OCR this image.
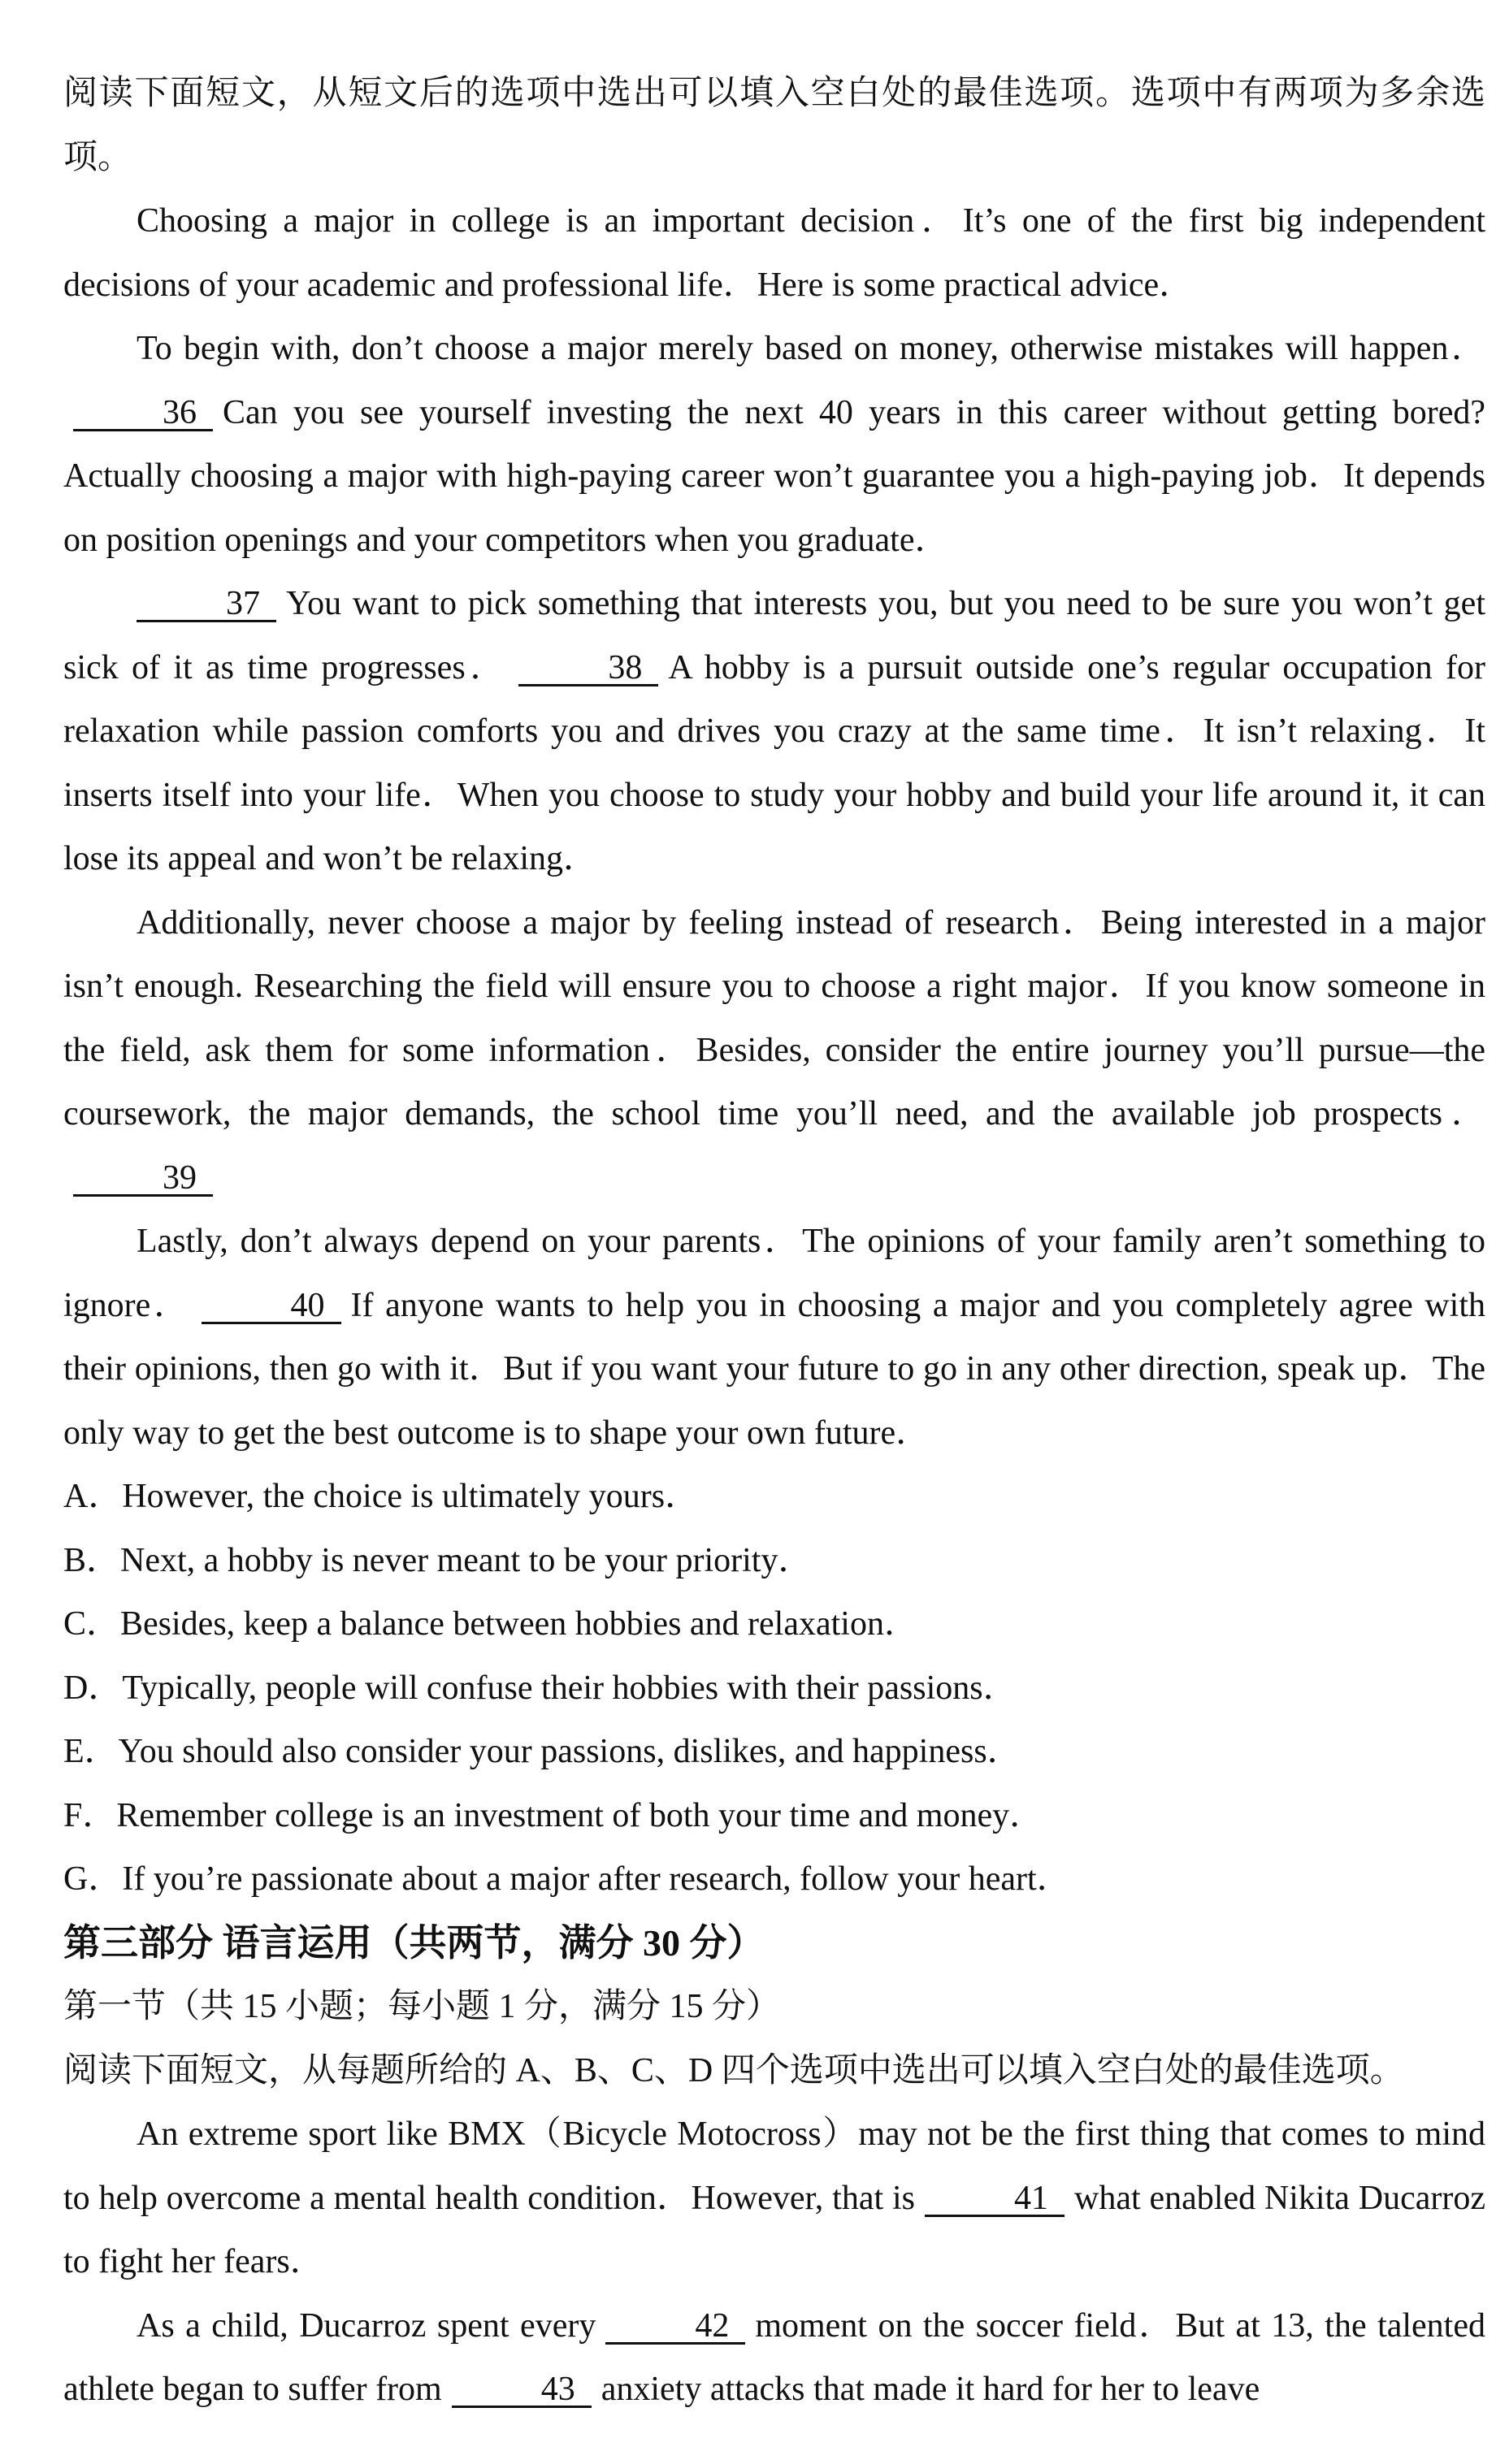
阅读下面短文，从短文后的选项中选出可以填入空白处的最佳选项。选项中有两项为多余选项。

Choosing a major in college is an important decision．It’s one of the first big independent decisions of your academic and professional life．Here is some practical advice．

To begin with, don’t choose a major merely based on money, otherwise mistakes will happen．36 Can you see yourself investing the next 40 years in this career without getting bored? Actually choosing a major with high-paying career won’t guarantee you a high-paying job．It depends on position openings and your competitors when you graduate．

37 You want to pick something that interests you, but you need to be sure you won’t get sick of it as time progresses．	38 A hobby is a pursuit outside one’s regular occupation for relaxation while passion comforts you and drives you crazy at the same time．It isn’t relaxing．It inserts itself into your life．When you choose to study your hobby and build your life around it, it can lose its appeal and won’t be relaxing．

Additionally, never choose a major by feeling instead of research．Being interested in a major isn’t enough. Researching the field will ensure you to choose a right major．If you know someone in the field, ask them for some information．Besides, consider the entire journey you’ll pursue—the coursework, the major demands, the school time you’ll need, and the available job prospects．39

Lastly, don’t always depend on your parents．The opinions of your family aren’t something to ignore．	40 If anyone wants to help you in choosing a major and you completely agree with their opinions, then go with it．But if you want your future to go in any other direction, speak up．The only way to get the best outcome is to shape your own future．

A．However, the choice is ultimately yours．

B．Next, a hobby is never meant to be your priority．

C．Besides, keep a balance between hobbies and relaxation．

D．Typically, people will confuse their hobbies with their passions．

E．You should also consider your passions, dislikes, and happiness．

F．Remember college is an investment of both your time and money．

G．If you’re passionate about a major after research, follow your heart．

第三部分 语言运用（共两节，满分 30 分）

第一节（共 15 小题；每小题 1 分，满分 15 分）

阅读下面短文，从每题所给的 A、B、C、D 四个选项中选出可以填入空白处的最佳选项。

An extreme sport like BMX（Bicycle Motocross）may not be the first thing that comes to mind to help overcome a mental health condition．However, that is	41 what enabled Nikita Ducarroz to fight her fears．

As a child, Ducarroz spent every	42 moment on the soccer field．But at 13, the talented athlete began to suffer from	43 anxiety attacks that made it hard for her to leave
